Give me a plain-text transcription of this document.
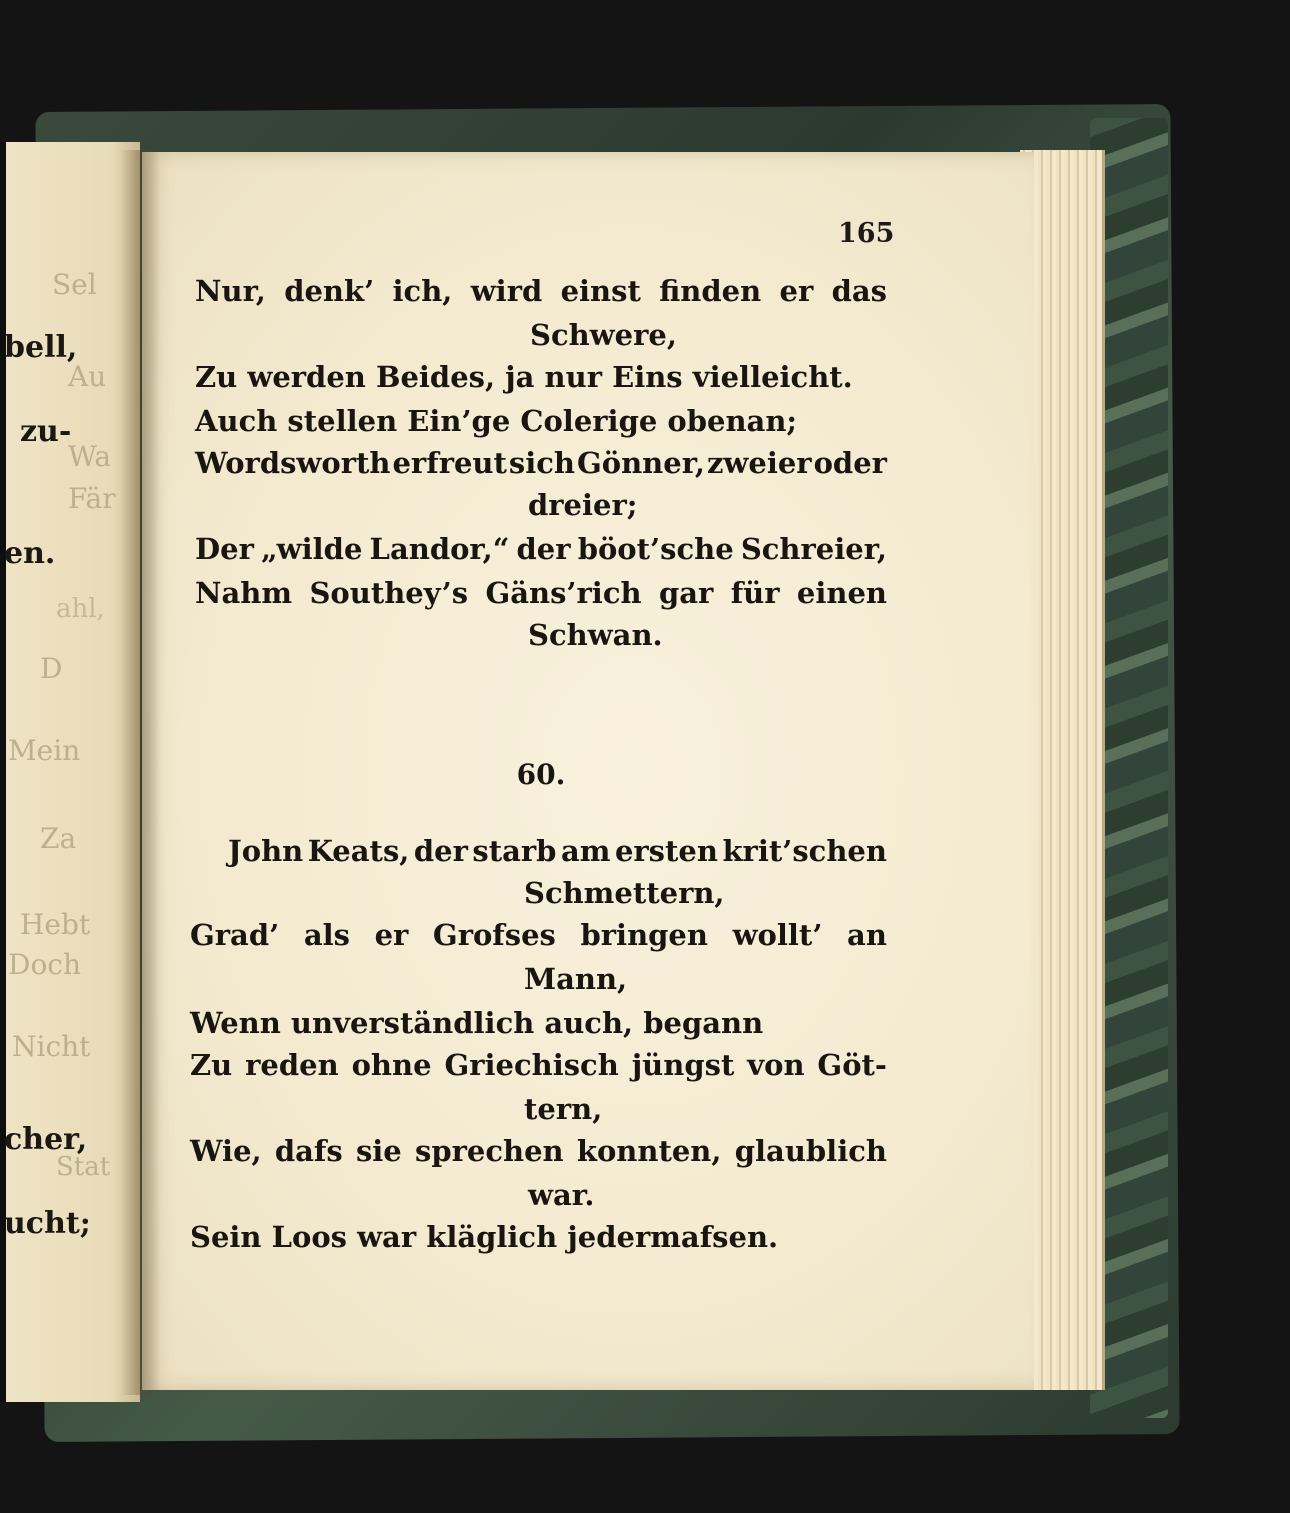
Sel
bell,
Au
zu-
Wa
Fär
en.
ahl,
D
Mein
Za
Hebt
Doch
Nicht
cher,
Stat
ucht;
165
Nur, denk’ ich, wird einst finden er das
Schwere,
Zu werden Beides, ja nur Eins vielleicht.
Auch stellen Ein’ge Colerige obenan;
Wordsworth erfreut sich Gönner, zweier oder
dreier;
Der „wilde Landor,“ der böot’sche Schreier,
Nahm Southey’s Gäns’rich gar für einen
Schwan.
60.
John Keats, der starb am ersten krit’schen
Schmettern,
Grad’ als er Grofses bringen wollt’ an
Mann,
Wenn unverständlich auch, begann
Zu reden ohne Griechisch jüngst von Göt-
tern,
Wie, dafs sie sprechen konnten, glaublich
war.
Sein Loos war kläglich jedermafsen.
